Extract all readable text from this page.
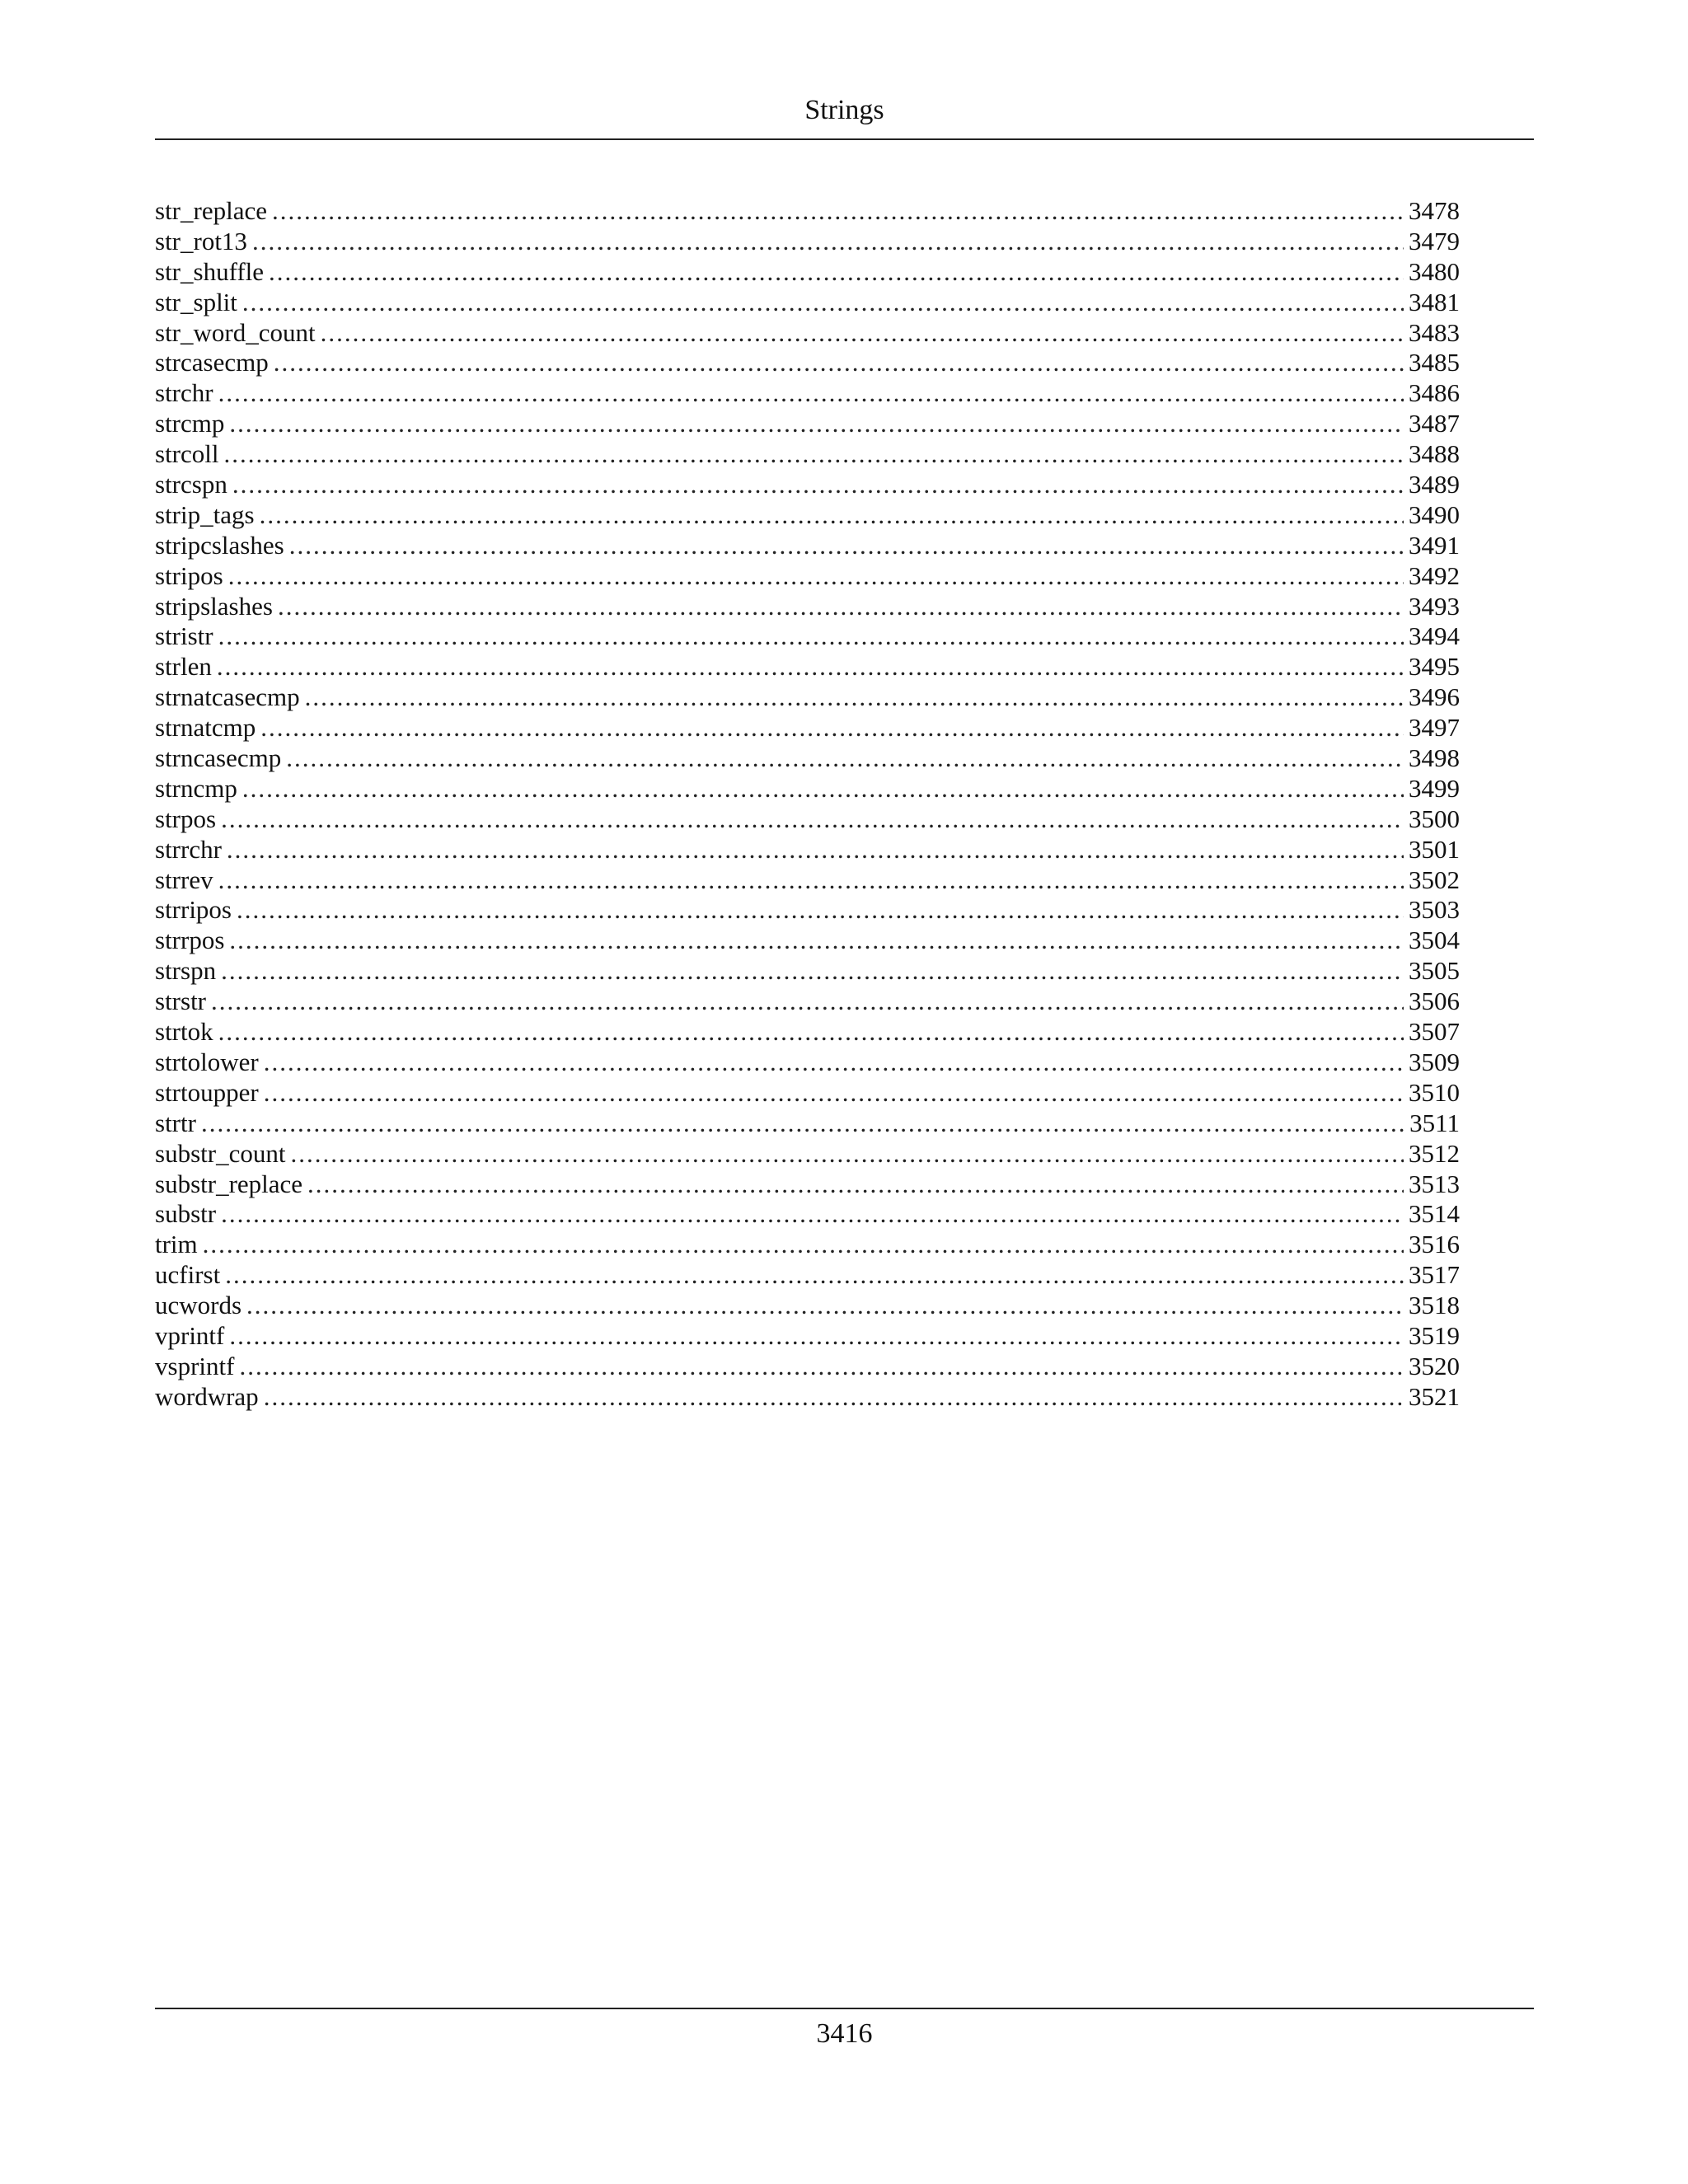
Strings
str_replace .....	3478
str_rot13 .....	3479
str_shuffle .....	3480
str_split .....	3481
str_word_count .....	3483
strcasecmp .....	3485
strchr .....	3486
strcmp .....	3487
strcoll .....	3488
strcspn .....	3489
strip_tags .....	3490
stripcslashes .....	3491
stripos .....	3492
stripslashes .....	3493
stristr .....	3494
strlen .....	3495
strnatcasecmp .....	3496
strnatcmp .....	3497
strncasecmp .....	3498
strncmp .....	3499
strpos .....	3500
strrchr .....	3501
strrev .....	3502
strripos .....	3503
strrpos .....	3504
strspn .....	3505
strstr .....	3506
strtok .....	3507
strtolower .....	3509
strtoupper .....	3510
strtr .....	3511
substr_count .....	3512
substr_replace .....	3513
substr .....	3514
trim .....	3516
ucfirst .....	3517
ucwords .....	3518
vprintf .....	3519
vsprintf .....	3520
wordwrap .....	3521
3416
